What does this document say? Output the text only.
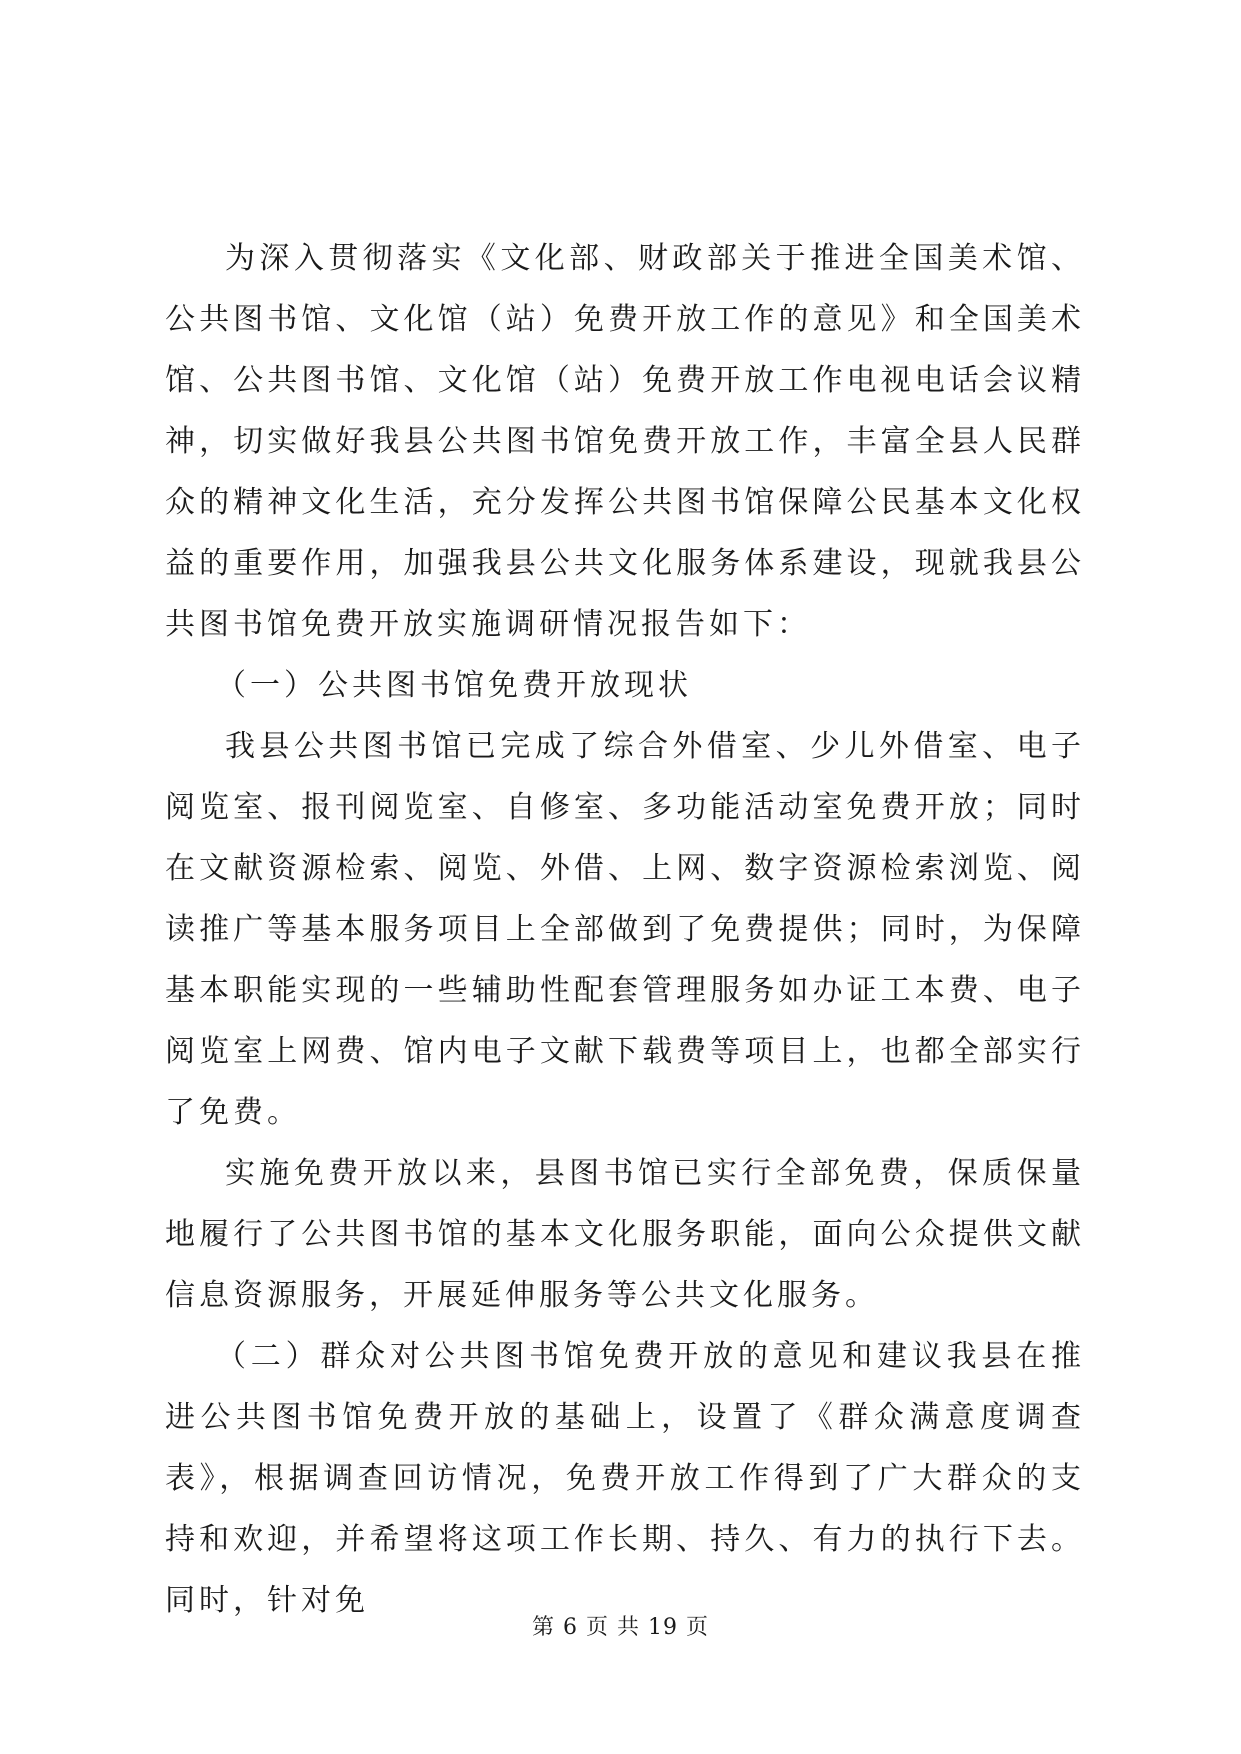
为深入贯彻落实《文化部、财政部关于推进全国美术馆、公共图书馆、文化馆（站）免费开放工作的意见》和全国美术馆、公共图书馆、文化馆（站）免费开放工作电视电话会议精神，切实做好我县公共图书馆免费开放工作，丰富全县人民群众的精神文化生活，充分发挥公共图书馆保障公民基本文化权益的重要作用，加强我县公共文化服务体系建设，现就我县公共图书馆免费开放实施调研情况报告如下：

（一）公共图书馆免费开放现状

我县公共图书馆已完成了综合外借室、少儿外借室、电子阅览室、报刊阅览室、自修室、多功能活动室免费开放；同时在文献资源检索、阅览、外借、上网、数字资源检索浏览、阅读推广等基本服务项目上全部做到了免费提供；同时，为保障基本职能实现的一些辅助性配套管理服务如办证工本费、电子阅览室上网费、馆内电子文献下载费等项目上，也都全部实行了免费。

实施免费开放以来，县图书馆已实行全部免费，保质保量地履行了公共图书馆的基本文化服务职能，面向公众提供文献信息资源服务，开展延伸服务等公共文化服务。

（二）群众对公共图书馆免费开放的意见和建议我县在推进公共图书馆免费开放的基础上，设置了《群众满意度调查表》，根据调查回访情况，免费开放工作得到了广大群众的支持和欢迎，并希望将这项工作长期、持久、有力的执行下去。同时，针对免

第 6 页 共 19 页
